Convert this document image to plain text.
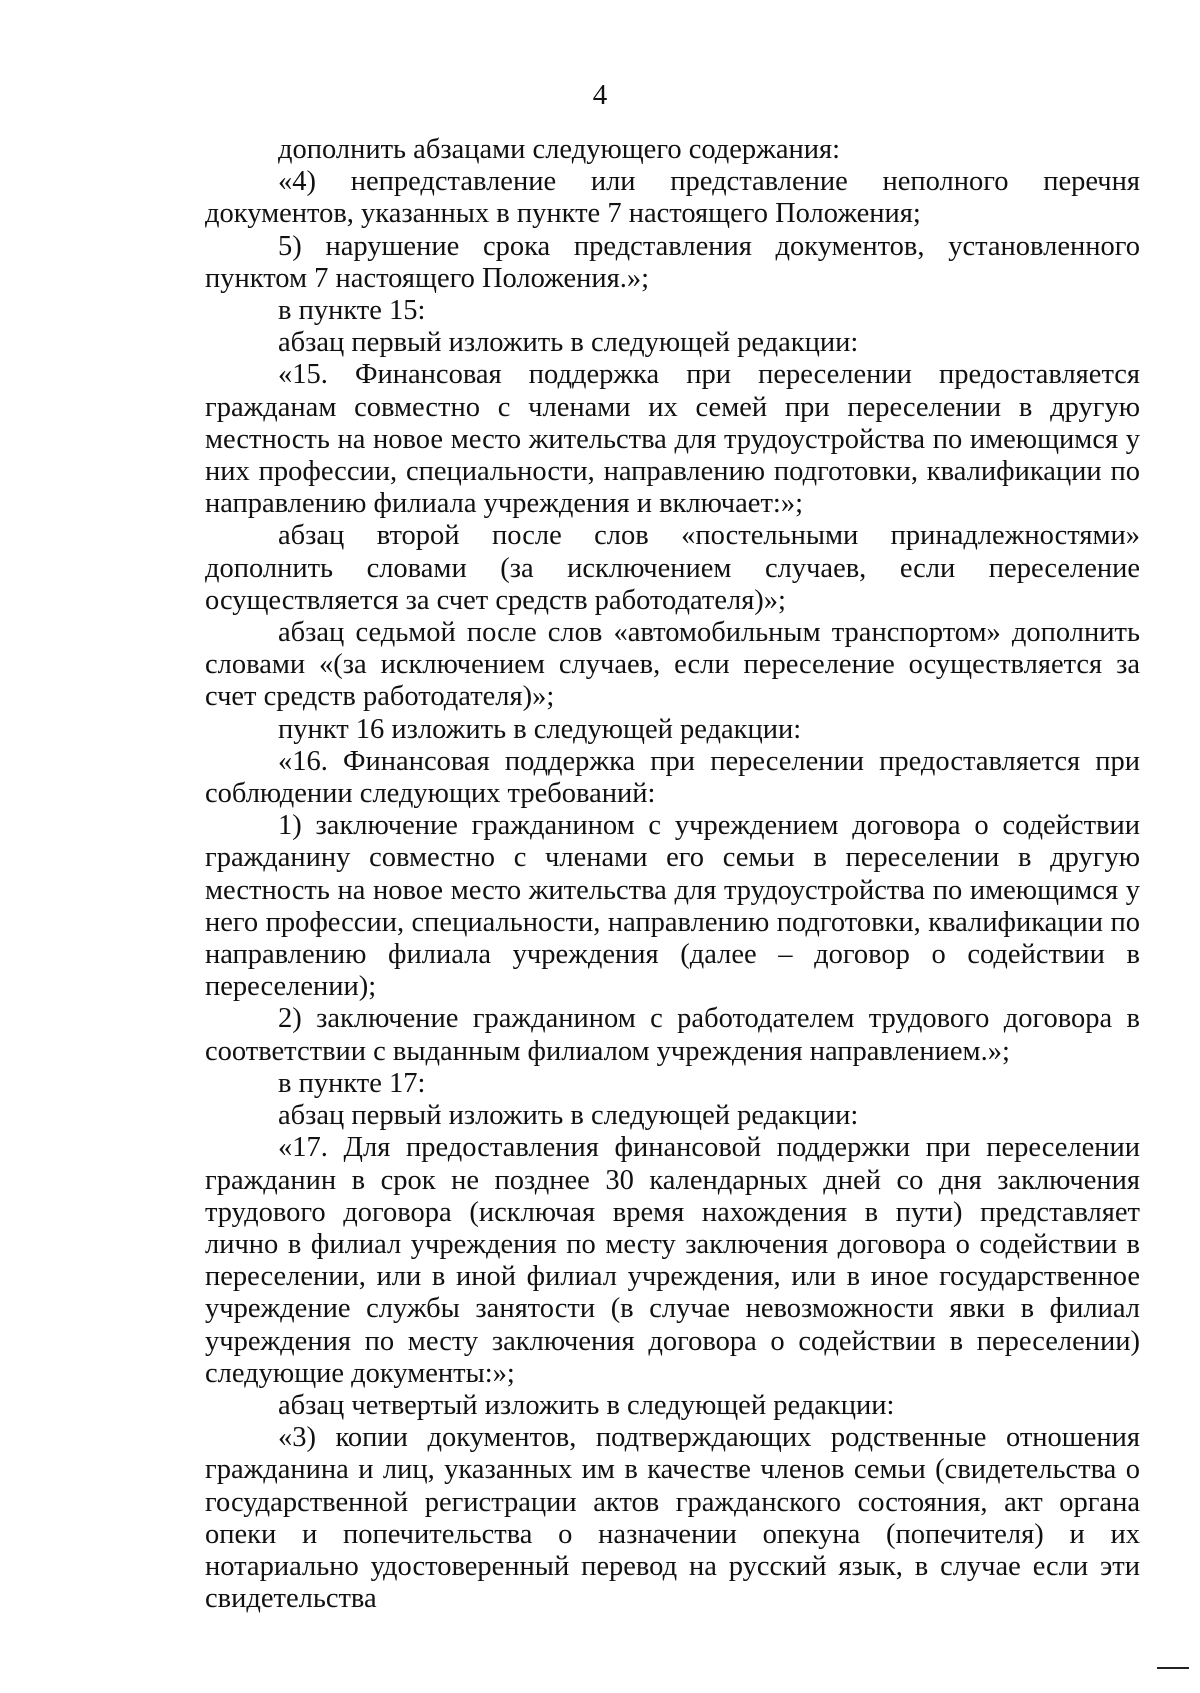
4

дополнить абзацами следующего содержания:

«4) непредставление или представление неполного перечня документов, указанных в пункте 7 настоящего Положения;

5) нарушение срока представления документов, установленного пунктом 7 настоящего Положения.»;

в пункте 15:

абзац первый изложить в следующей редакции:

«15. Финансовая поддержка при переселении предоставляется гражданам совместно с членами их семей при переселении в другую местность на новое место жительства для трудоустройства по имеющимся у них профессии, специальности, направлению подготовки, квалификации по направлению филиала учреждения и включает:»;

абзац второй после слов «постельными принадлежностями» дополнить словами (за исключением случаев, если переселение осуществляется за счет средств работодателя)»;

абзац седьмой после слов «автомобильным транспортом» дополнить словами «(за исключением случаев, если переселение осуществляется за счет средств работодателя)»;

пункт 16 изложить в следующей редакции:

«16. Финансовая поддержка при переселении предоставляется при соблюдении следующих требований:

1) заключение гражданином с учреждением договора о содействии гражданину совместно с членами его семьи в переселении в другую местность на новое место жительства для трудоустройства по имеющимся у него профессии, специальности, направлению подготовки, квалификации по направлению филиала учреждения (далее – договор о содействии в переселении);

2) заключение гражданином с работодателем трудового договора в соответствии с выданным филиалом учреждения направлением.»;

в пункте 17:

абзац первый изложить в следующей редакции:

«17. Для предоставления финансовой поддержки при переселении гражданин в срок не позднее 30 календарных дней со дня заключения трудового договора (исключая время нахождения в пути) представляет лично в филиал учреждения по месту заключения договора о содействии в переселении, или в иной филиал учреждения, или в иное государственное учреждение службы занятости (в случае невозможности явки в филиал учреждения по месту заключения договора о содействии в переселении) следующие документы:»;

абзац четвертый изложить в следующей редакции:

«3) копии документов, подтверждающих родственные отношения гражданина и лиц, указанных им в качестве членов семьи (свидетельства о государственной регистрации актов гражданского состояния, акт органа опеки и попечительства о назначении опекуна (попечителя) и их нотариально удостоверенный перевод на русский язык, в случае если эти свидетельства
